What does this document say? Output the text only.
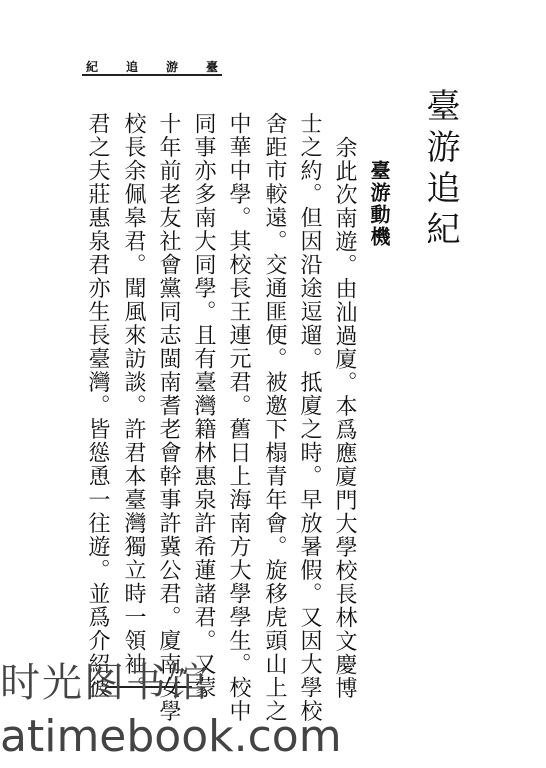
紀 追 游 臺
臺游追紀
臺游動機
余此次南遊。由汕過廈。本爲應廈門大學校長林文慶博
士之約。但因沿途逗遛。抵廈之時。早放暑假。又因大學校
舍距市較遠。交通匪便。被邀下榻青年會。旋移虎頭山上之
中華中學。其校長王連元君。舊日上海南方大學學生。校中
同事亦多南大同學。且有臺灣籍林惠泉許希蓮諸君。又蒙
十年前老友社會黨同志閩南耆老會幹事許冀公君。廈南女學
校長余佩皋君。聞風來訪談。許君本臺灣獨立時一領袖。
君之夫莊惠泉君亦生長臺灣。皆慫恿一往遊。並爲介紹彼
时光图书馆
atimebook.com
